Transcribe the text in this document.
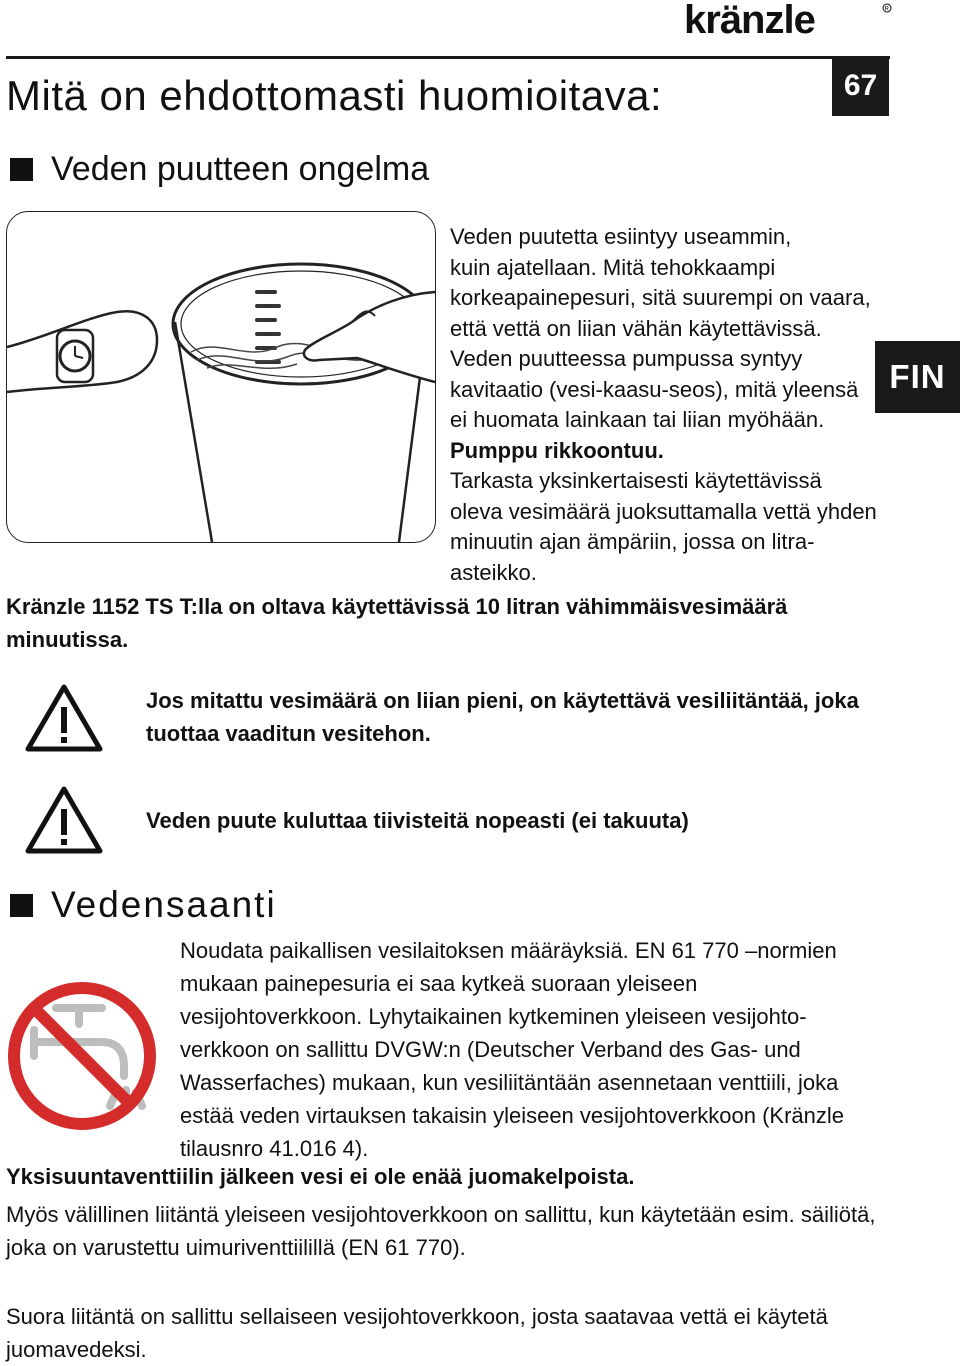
kränzle	R
67
Mitä on ehdottomasti huomioitava:
Veden puutteen ongelma

Veden puutetta esiintyy useammin,

kuin ajatellaan. Mitä tehokkaampi

korkeapainepesuri, sitä suurempi on vaara,

että vettä on liian vähän käytettävissä.

Veden puutteessa pumpussa syntyy

kavitaatio (vesi-kaasu-seos), mitä yleensä

ei huomata lainkaan tai liian myöhään.

Pumppu rikkoontuu.

Tarkasta yksinkertaisesti käytettävissä

oleva vesimäärä juoksuttamalla vettä yhden

minuutin ajan ämpäriin, jossa on litra-asteikko.

FIN
Kränzle 1152 TS T:lla on oltava käytettävissä 10 litran vähimmäisvesimäärä minuutissa.
Jos mitattu vesimäärä on liian pieni, on käytettävä vesiliitäntää, joka tuottaa vaaditun vesitehon.
Veden puute kuluttaa tiivisteitä nopeasti (ei takuuta)
Vedensaanti

Noudata paikallisen vesilaitoksen määräyksiä. EN 61 770 –normien

mukaan painepesuria ei saa kytkeä suoraan yleiseen

vesijohtoverkkoon. Lyhytaikainen kytkeminen yleiseen vesijohto-

verkkoon on sallittu DVGW:n (Deutscher Verband des Gas- und

Wasserfaches) mukaan, kun vesiliitäntään asennetaan venttiili, joka

estää veden virtauksen takaisin yleiseen vesijohtoverkkoon (Kränzle

tilausnro 41.016 4).

Yksisuuntaventtiilin jälkeen vesi ei ole enää juomakelpoista.
Myös välillinen liitäntä yleiseen vesijohtoverkkoon on sallittu, kun käytetään esim. säiliötä, joka on varustettu uimuriventtiilillä (EN 61 770).
Suora liitäntä on sallittu sellaiseen vesijohtoverkkoon, josta saatavaa vettä ei käytetä juomavedeksi.
